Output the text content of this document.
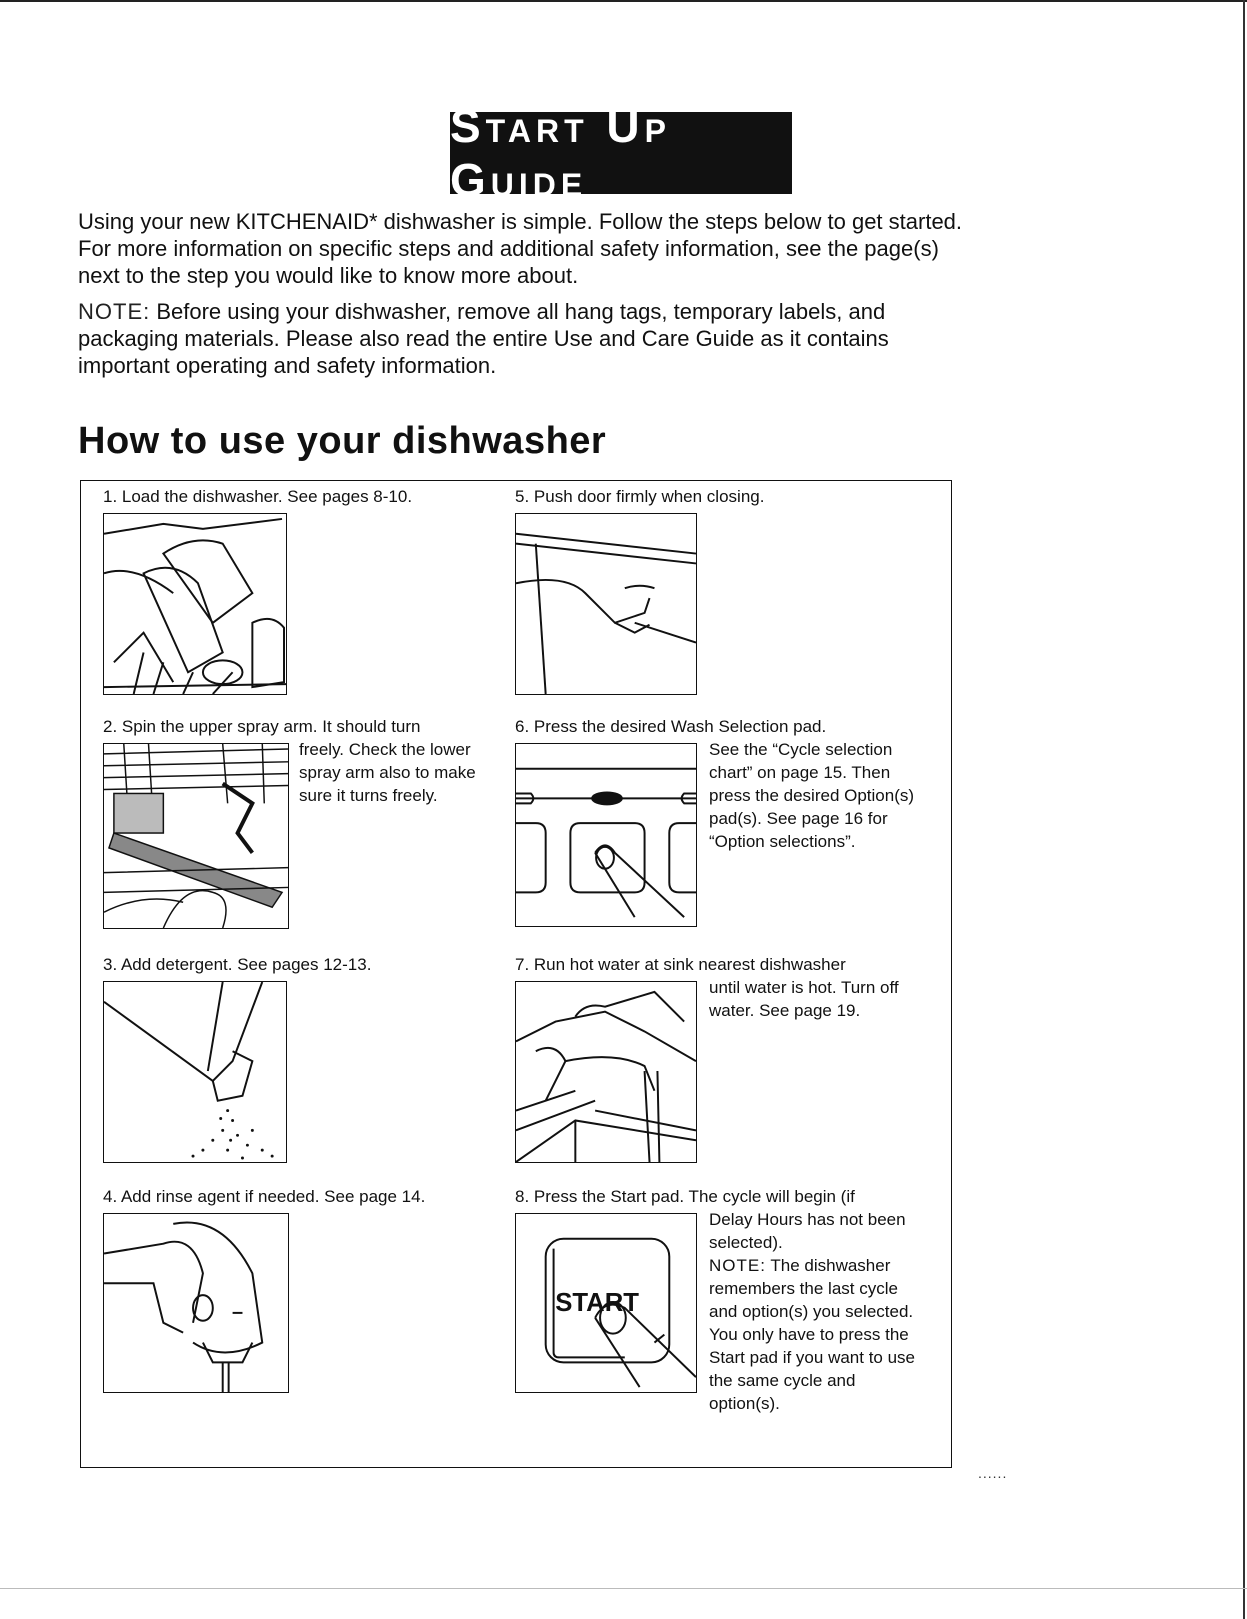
Start Up Guide

Using your new KITCHENAID* dishwasher is simple. Follow the steps below to get started. For more information on specific steps and additional safety information, see the page(s) next to the step you would like to know more about.

NOTE: Before using your dishwasher, remove all hang tags, temporary labels, and packaging materials. Please also read the entire Use and Care Guide as it contains important operating and safety information.

How to use your dishwasher
1. Load the dishwasher. See pages 8-10.
2. Spin the upper spray arm. It should turn
freely. Check the lower spray arm also to make sure it turns freely.
3. Add detergent. See pages 12-13.
4. Add rinse agent if needed. See page 14.
5. Push door firmly when closing.
6. Press the desired Wash Selection pad.
See the “Cycle selection chart” on page 15. Then press the desired Option(s) pad(s). See page 16 for “Option selections”.
7. Run hot water at sink nearest dishwasher
until water is hot. Turn off water. See page 19.
8. Press the Start pad. The cycle will begin (if
START
Delay Hours has not been selected).
NOTE: The dishwasher remembers the last cycle and option(s) you selected. You only have to press the Start pad if you want to use the same cycle and option(s).
......
